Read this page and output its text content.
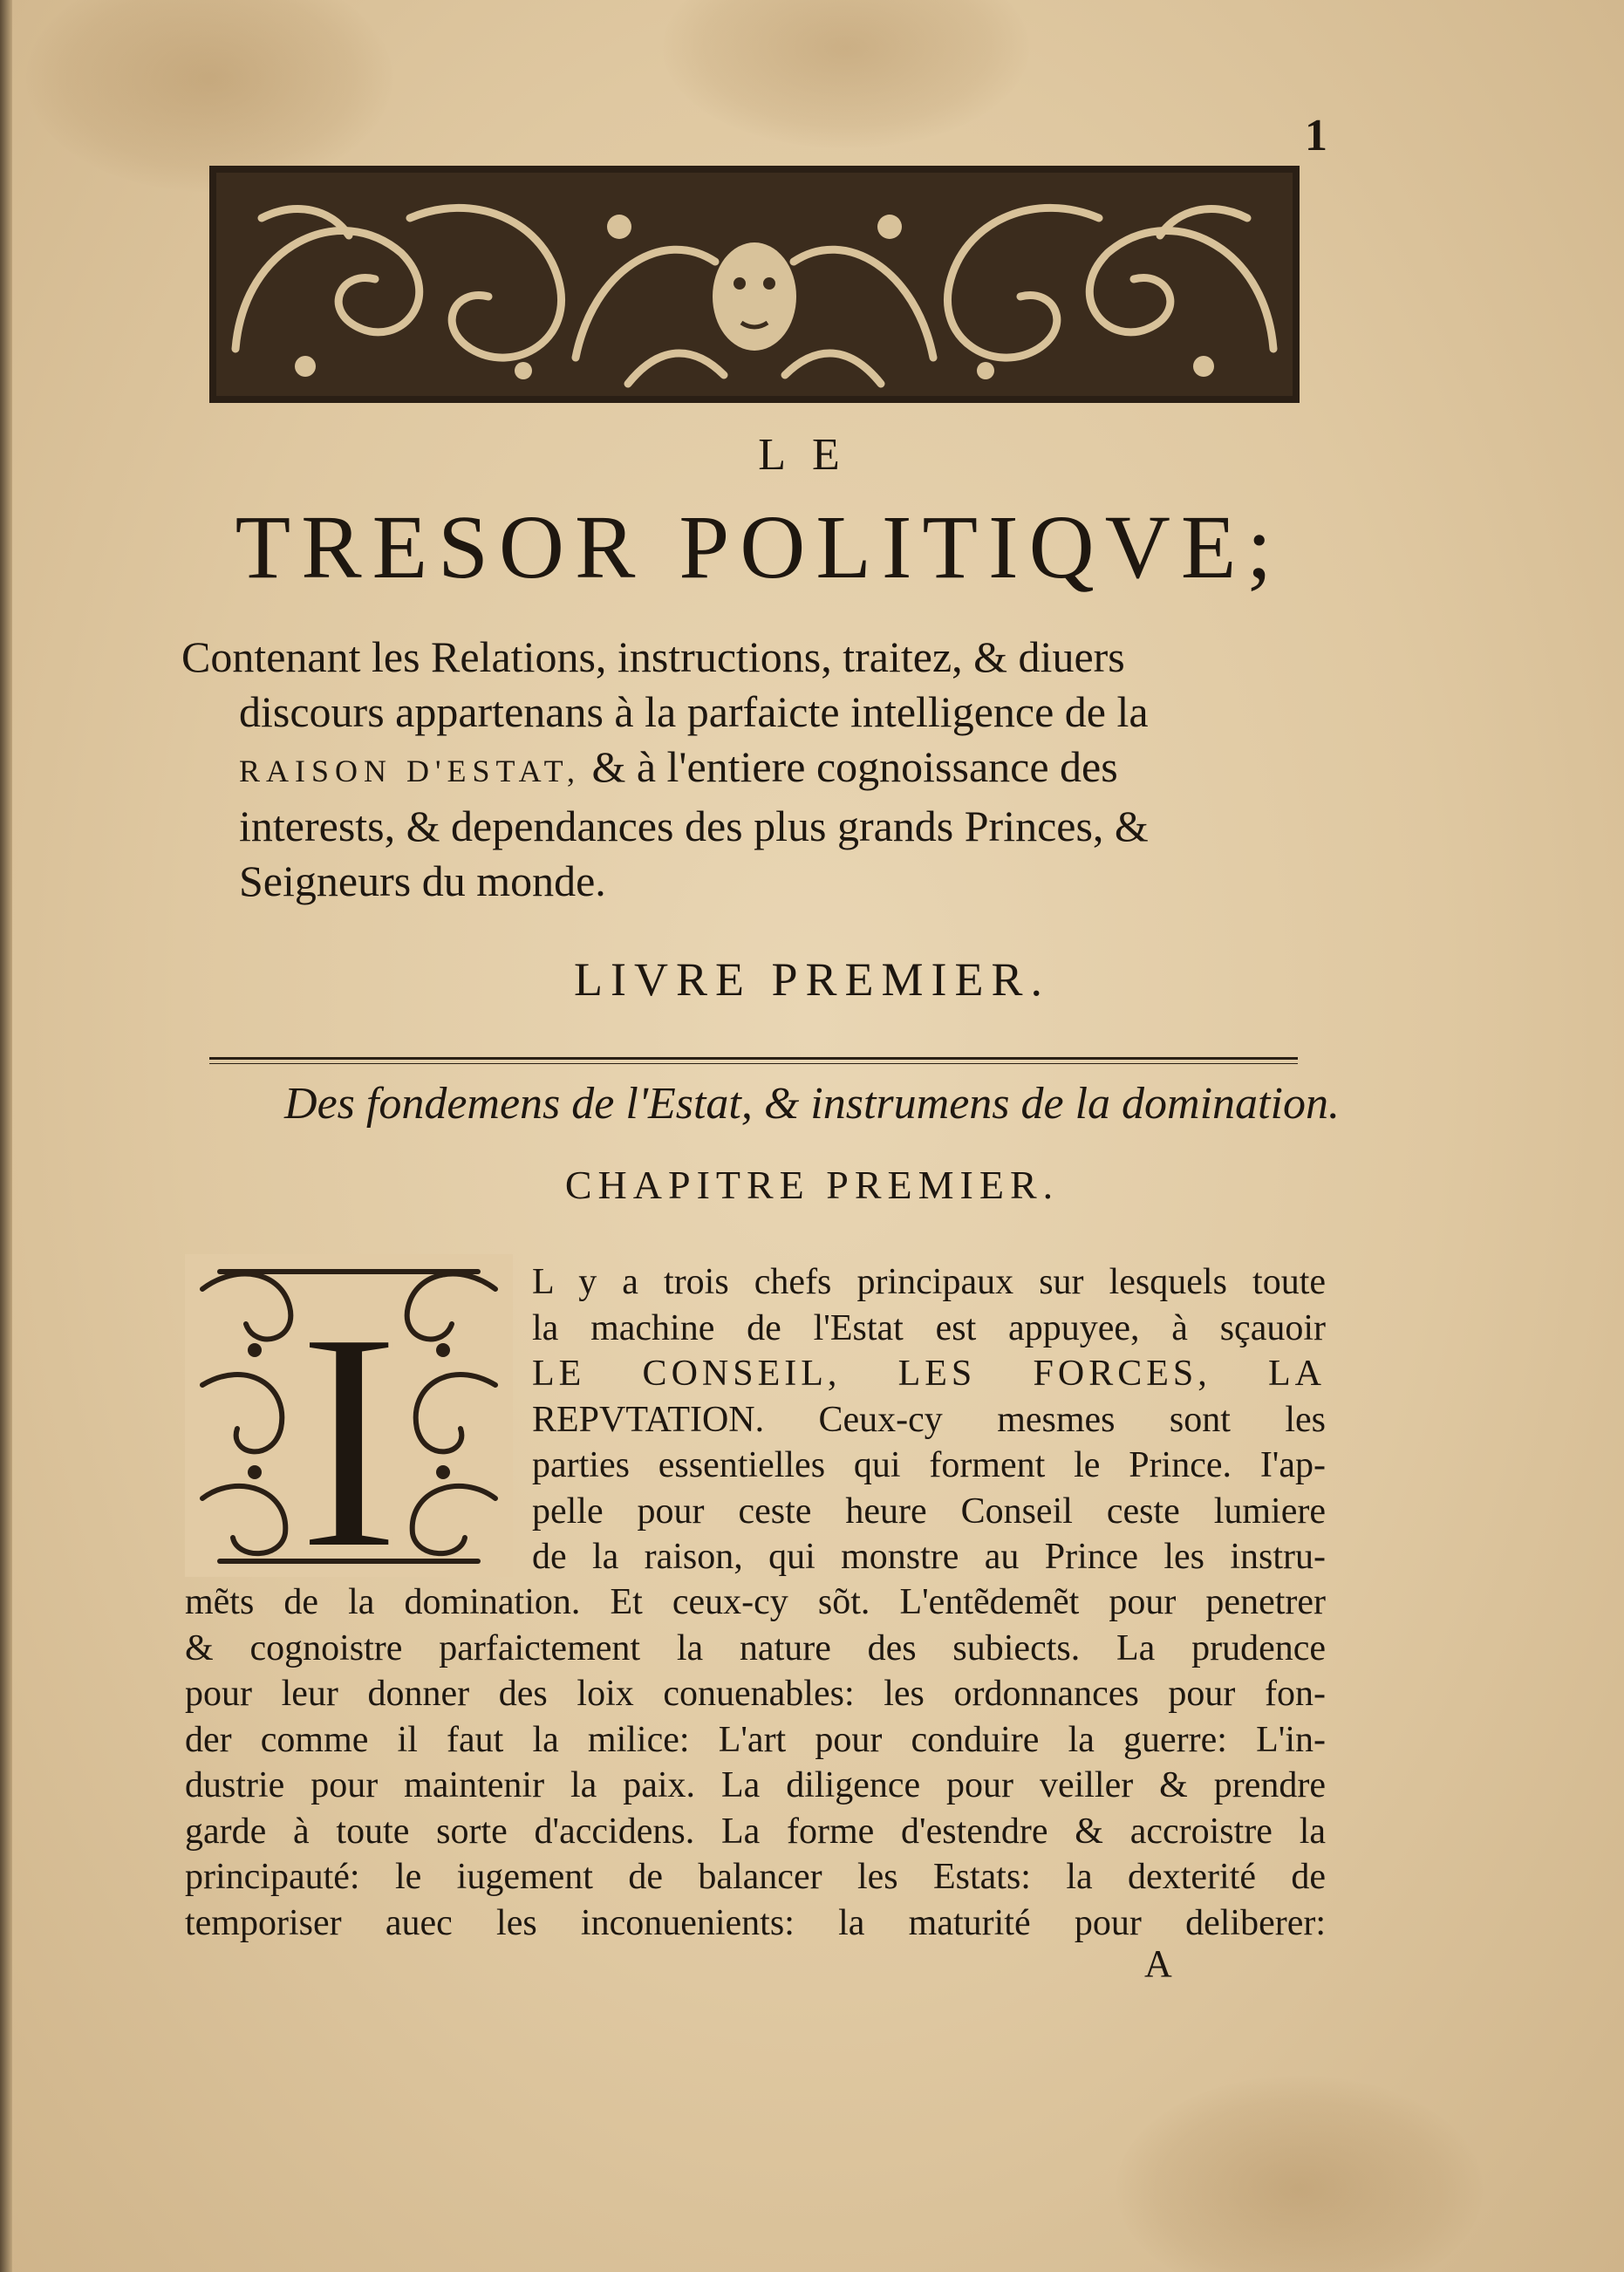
1
LE
TRESOR POLITIQVE;
Contenant les Relations, instructions, traitez, & diuers
discours appartenans à la parfaicte intelligence de la
RAISON D'ESTAT, & à l'entiere cognoissance des
interests, & dependances des plus grands Princes, &
Seigneurs du monde.
LIVRE PREMIER.
Des fondemens de l'Estat, & instrumens de la domination.
CHAPITRE PREMIER.
I	L y a trois chefs principaux sur lesquels toute
la machine de l'Estat est appuyee, à sçauoir
LE CONSEIL, LES FORCES, LA
REPVTATION. Ceux-cy mesmes sont les
parties essentielles qui forment le Prince. I'ap-
pelle pour ceste heure Conseil ceste lumiere
de la raison, qui monstre au Prince les instru-
mẽts de la domination. Et ceux-cy sõt. L'entẽdemẽt pour penetrer
& cognoistre parfaictement la nature des subiects. La prudence
pour leur donner des loix conuenables: les ordonnances pour fon-
der comme il faut la milice: L'art pour conduire la guerre: L'in-
dustrie pour maintenir la paix. La diligence pour veiller & prendre
garde à toute sorte d'accidens. La forme d'estendre & accroistre la
principauté: le iugement de balancer les Estats: la dexterité de
temporiser auec les inconuenients: la maturité pour deliberer:
A
